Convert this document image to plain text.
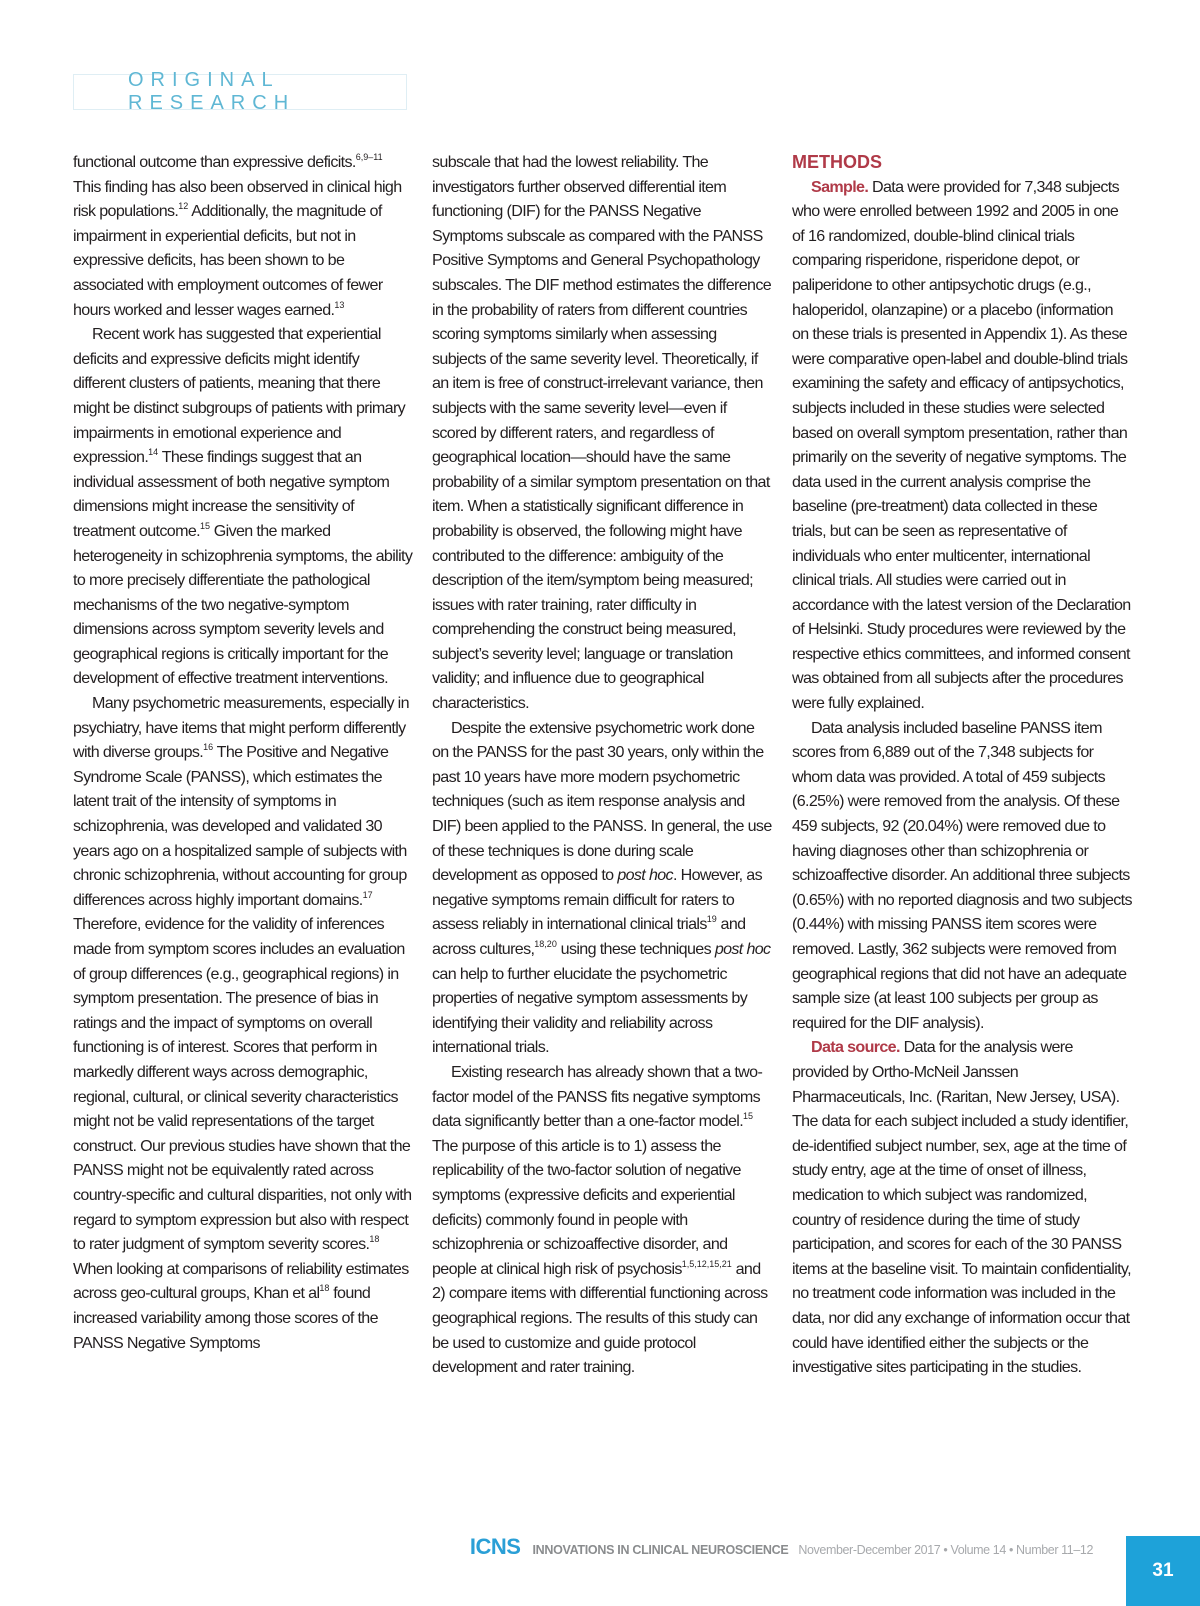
ORIGINAL RESEARCH

functional outcome than expressive deficits.$^{6,9-11}$ This finding has also been observed in clinical high risk populations.$^{12}$ Additionally, the magnitude of impairment in experiential deficits, but not in expressive deficits, has been shown to be associated with employment outcomes of fewer hours worked and lesser wages earned.$^{13}$

Recent work has suggested that experiential deficits and expressive deficits might identify different clusters of patients, meaning that there might be distinct subgroups of patients with primary impairments in emotional experience and expression.$^{14}$ These findings suggest that an individual assessment of both negative symptom dimensions might increase the sensitivity of treatment outcome.$^{15}$ Given the marked heterogeneity in schizophrenia symptoms, the ability to more precisely differentiate the pathological mechanisms of the two negative-symptom dimensions across symptom severity levels and geographical regions is critically important for the development of effective treatment interventions.

Many psychometric measurements, especially in psychiatry, have items that might perform differently with diverse groups.$^{16}$ The Positive and Negative Syndrome Scale (PANSS), which estimates the latent trait of the intensity of symptoms in schizophrenia, was developed and validated 30 years ago on a hospitalized sample of subjects with chronic schizophrenia, without accounting for group differences across highly important domains.$^{17}$ Therefore, evidence for the validity of inferences made from symptom scores includes an evaluation of group differences (e.g., geographical regions) in symptom presentation. The presence of bias in ratings and the impact of symptoms on overall functioning is of interest. Scores that perform in markedly different ways across demographic, regional, cultural, or clinical severity characteristics might not be valid representations of the target construct. Our previous studies have shown that the PANSS might not be equivalently rated across country-specific and cultural disparities, not only with regard to symptom expression but also with respect to rater judgment of symptom severity scores.$^{18}$ When looking at comparisons of reliability estimates across geo-cultural groups, Khan et $al^{18}$ found increased variability among those scores of the PANSS Negative Symptoms

subscale that had the lowest reliability. The investigators further observed differential item functioning (DIF) for the PANSS Negative Symptoms subscale as compared with the PANSS Positive Symptoms and General Psychopathology subscales. The DIF method estimates the difference in the probability of raters from different countries scoring symptoms similarly when assessing subjects of the same severity level. Theoretically, if an item is free of construct-irrelevant variance, then subjects with the same severity level—even if scored by different raters, and regardless of geographical location—should have the same probability of a similar symptom presentation on that item. When a statistically significant difference in probability is observed, the following might have contributed to the difference: ambiguity of the description of the item/symptom being measured; issues with rater training, rater difficulty in comprehending the construct being measured, subject’s severity level; language or translation validity; and influence due to geographical characteristics.

Despite the extensive psychometric work done on the PANSS for the past 30 years, only within the past 10 years have more modern psychometric techniques (such as item response analysis and DIF) been applied to the PANSS. In general, the use of these techniques is done during scale development as opposed to post hoc. However, as negative symptoms remain difficult for raters to assess reliably in international clinical trials$^{19}$ and across cultures,$^{18,20}$ using these techniques post hoc can help to further elucidate the psychometric properties of negative symptom assessments by identifying their validity and reliability across international trials.

Existing research has already shown that a two-factor model of the PANSS fits negative symptoms data significantly better than a one-factor model.$^{15}$ The purpose of this article is to 1) assess the replicability of the two-factor solution of negative symptoms (expressive deficits and experiential deficits) commonly found in people with schizophrenia or schizoaffective disorder, and people at clinical high risk of psychosis$^{1,5,12,15,21}$ and 2) compare items with differential functioning across geographical regions. The results of this study can be used to customize and guide protocol development and rater training.

METHODS

Sample. Data were provided for 7,348 subjects who were enrolled between 1992 and 2005 in one of 16 randomized, double-blind clinical trials comparing risperidone, risperidone depot, or paliperidone to other antipsychotic drugs (e.g., haloperidol, olanzapine) or a placebo (information on these trials is presented in Appendix 1). As these were comparative open-label and double-blind trials examining the safety and efficacy of antipsychotics, subjects included in these studies were selected based on overall symptom presentation, rather than primarily on the severity of negative symptoms. The data used in the current analysis comprise the baseline (pre-treatment) data collected in these trials, but can be seen as representative of individuals who enter multicenter, international clinical trials. All studies were carried out in accordance with the latest version of the Declaration of Helsinki. Study procedures were reviewed by the respective ethics committees, and informed consent was obtained from all subjects after the procedures were fully explained.

Data analysis included baseline PANSS item scores from 6,889 out of the 7,348 subjects for whom data was provided. A total of 459 subjects (6.25%) were removed from the analysis. Of these 459 subjects, 92 (20.04%) were removed due to having diagnoses other than schizophrenia or schizoaffective disorder. An additional three subjects (0.65%) with no reported diagnosis and two subjects (0.44%) with missing PANSS item scores were removed. Lastly, 362 subjects were removed from geographical regions that did not have an adequate sample size (at least 100 subjects per group as required for the DIF analysis).

Data source. Data for the analysis were provided by Ortho-McNeil Janssen Pharmaceuticals, Inc. (Raritan, New Jersey, USA). The data for each subject included a study identifier, de-identified subject number, sex, age at the time of study entry, age at the time of onset of illness, medication to which subject was randomized, country of residence during the time of study participation, and scores for each of the 30 PANSS items at the baseline visit. To maintain confidentiality, no treatment code information was included in the data, nor did any exchange of information occur that could have identified either the subjects or the investigative sites participating in the studies.

ICNS INNOVATIONS IN CLINICAL NEUROSCIENCE November-December 2017 • Volume 14 • Number 11–12
31
